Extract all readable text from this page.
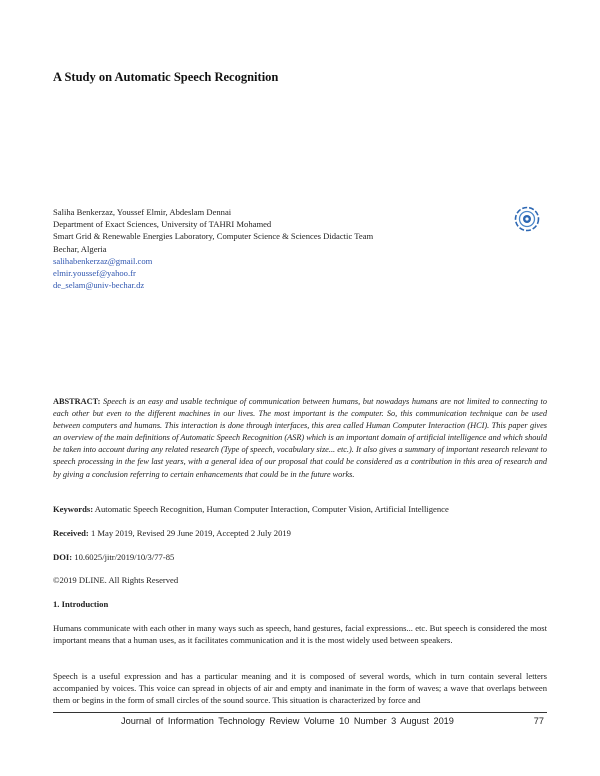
A Study on Automatic Speech Recognition
Saliha Benkerzaz, Youssef Elmir, Abdeslam Dennai
Department of Exact Sciences, University of TAHRI Mohamed
Smart Grid & Renewable Energies Laboratory, Computer Science & Sciences Didactic Team
Bechar, Algeria
salihabenkerzaz@gmail.com
elmir.youssef@yahoo.fr
de_selam@univ-bechar.dz
ABSTRACT: Speech is an easy and usable technique of communication between humans, but nowadays humans are not limited to connecting to each other but even to the different machines in our lives. The most important is the computer. So, this communication technique can be used between computers and humans. This interaction is done through interfaces, this area called Human Computer Interaction (HCI). This paper gives an overview of the main definitions of Automatic Speech Recognition (ASR) which is an important domain of artificial intelligence and which should be taken into account during any related research (Type of speech, vocabulary size... etc.). It also gives a summary of important research relevant to speech processing in the few last years, with a general idea of our proposal that could be considered as a contribution in this area of research and by giving a conclusion referring to certain enhancements that could be in the future works.
Keywords: Automatic Speech Recognition, Human Computer Interaction, Computer Vision, Artificial Intelligence
Received: 1 May 2019, Revised 29 June 2019, Accepted 2 July 2019
DOI: 10.6025/jitr/2019/10/3/77-85
©2019 DLINE. All Rights Reserved
1. Introduction
Humans communicate with each other in many ways such as speech, hand gestures, facial expressions... etc. But speech is considered the most important means that a human uses, as it facilitates communication and it is the most widely used between speakers.
Speech is a useful expression and has a particular meaning and it is composed of several words, which in turn contain several letters accompanied by voices. This voice can spread in objects of air and empty and inanimate in the form of waves; a wave that overlaps between them or begins in the form of small circles of the sound source. This situation is characterized by force and
Journal of Information Technology Review Volume 10 Number 3 August 2019	77
